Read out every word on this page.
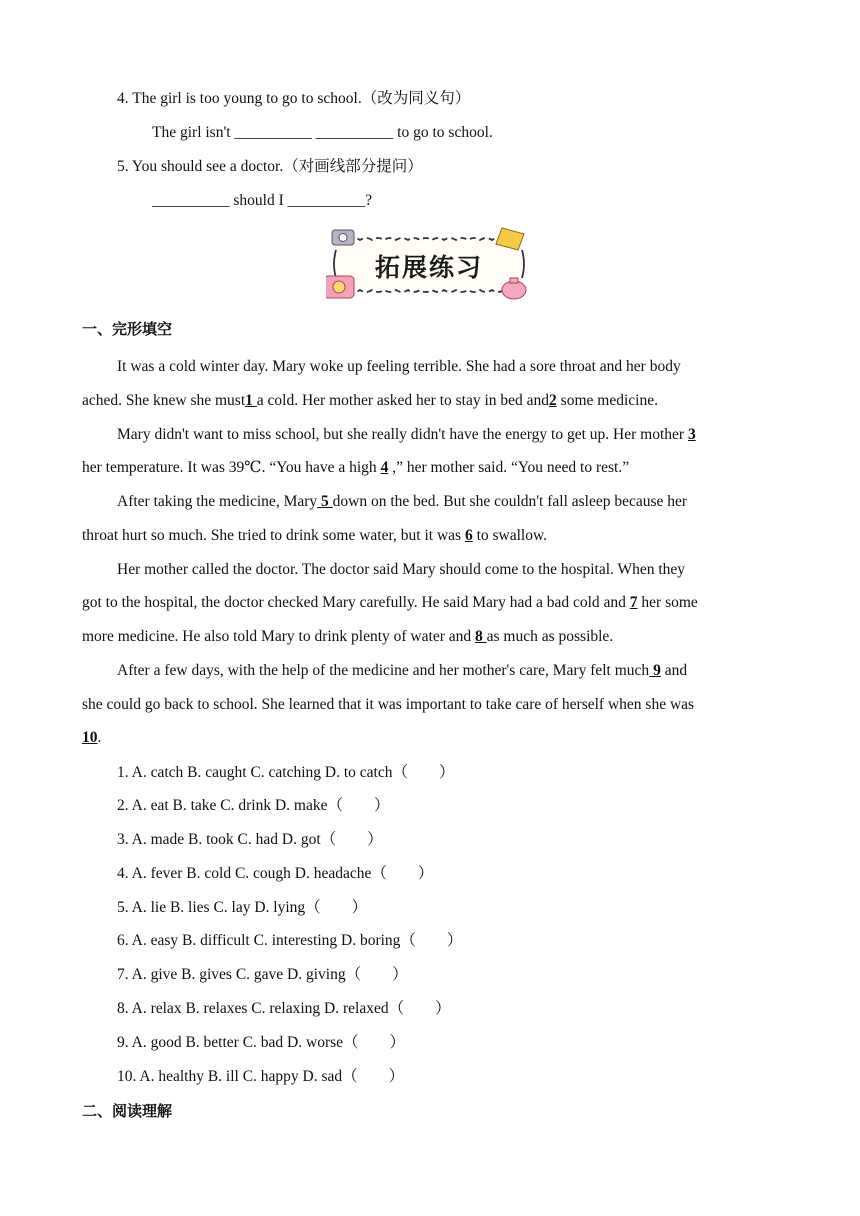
4. The girl is too young to go to school.（改为同义句）
The girl isn't __________ __________ to go to school.
5. You should see a doctor.（对画线部分提问）
__________ should I __________?
拓展练习
一、完形填空
It was a cold winter day. Mary woke up feeling terrible. She had a sore throat and her body
ached. She knew she must1 a cold. Her mother asked her to stay in bed and2 some medicine.
Mary didn't want to miss school, but she really didn't have the energy to get up. Her mother 3
her temperature. It was 39℃. “You have a high 4 ,” her mother said. “You need to rest.”
After taking the medicine, Mary 5 down on the bed. But she couldn't fall asleep because her
throat hurt so much. She tried to drink some water, but it was 6 to swallow.
Her mother called the doctor. The doctor said Mary should come to the hospital. When they
got to the hospital, the doctor checked Mary carefully. He said Mary had a bad cold and 7 her some
more medicine. He also told Mary to drink plenty of water and 8 as much as possible.
After a few days, with the help of the medicine and her mother's care, Mary felt much 9 and
she could go back to school. She learned that it was important to take care of herself when she was
10.
1. A. catch B. caught C. catching D. to catch（　　）
2. A. eat B. take C. drink D. make（　　）
3. A. made B. took C. had D. got（　　）
4. A. fever B. cold C. cough D. headache（　　）
5. A. lie B. lies C. lay D. lying（　　）
6. A. easy B. difficult C. interesting D. boring（　　）
7. A. give B. gives C. gave D. giving（　　）
8. A. relax B. relaxes C. relaxing D. relaxed（　　）
9. A. good B. better C. bad D. worse（　　）
10. A. healthy B. ill C. happy D. sad（　　）
二、阅读理解
